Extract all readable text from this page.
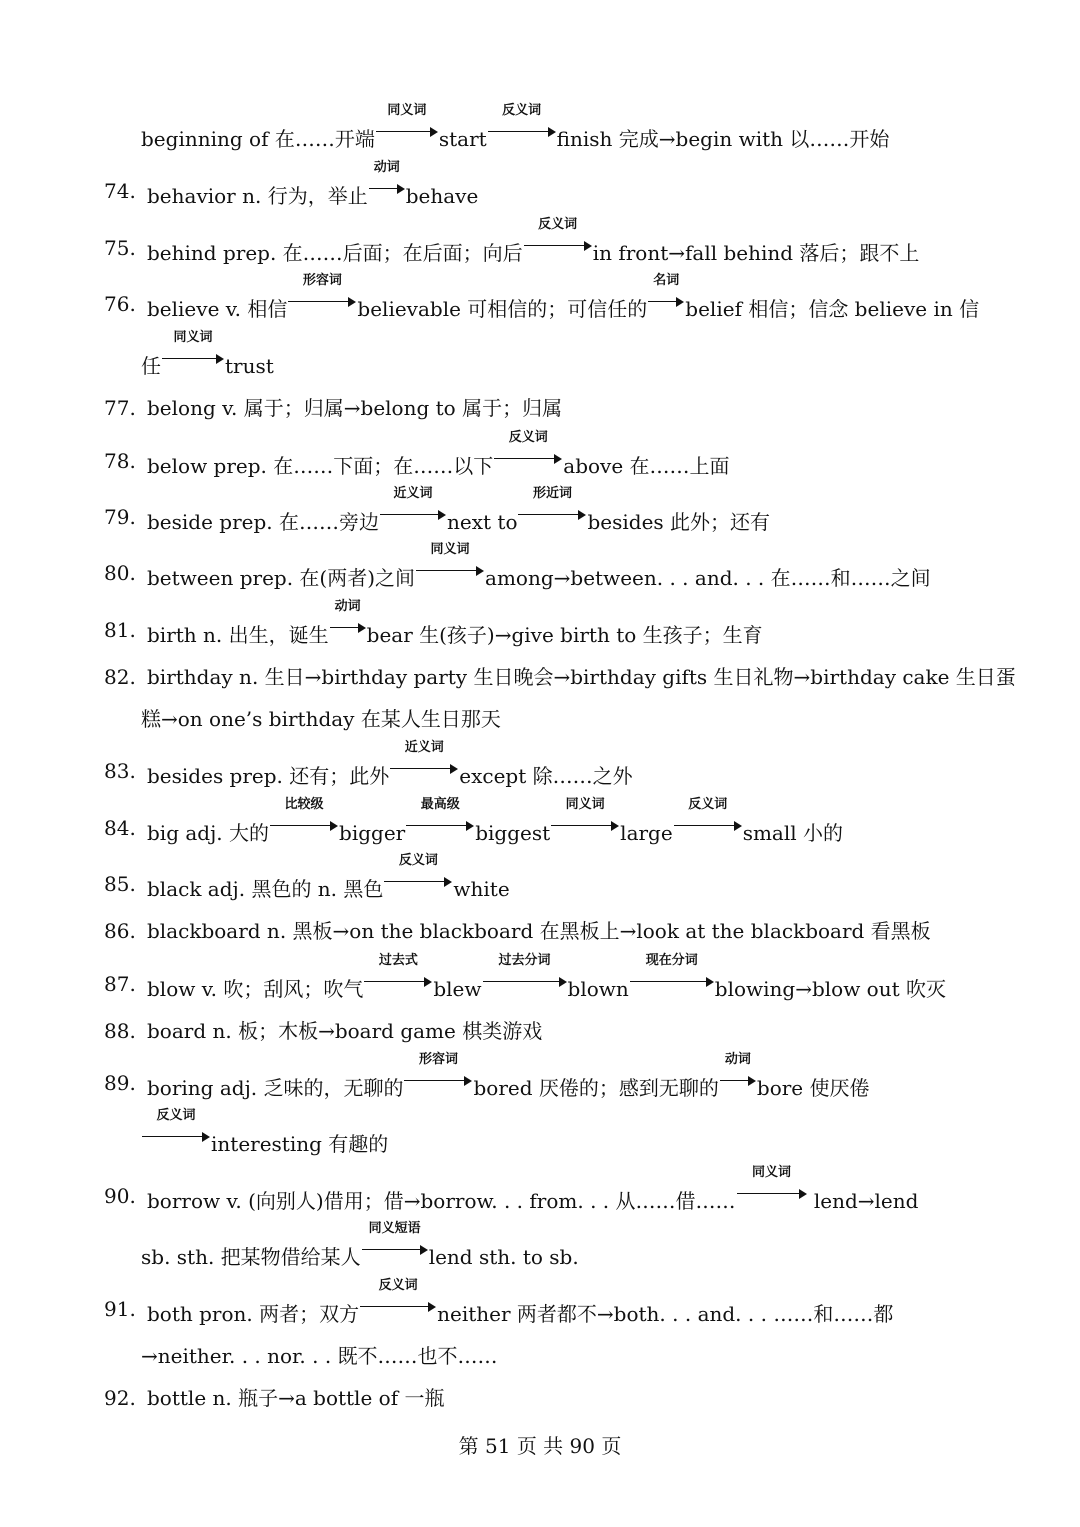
beginning of 在……开端
同义词
start
反义词
finish 完成→begin with 以……开始
74. behavior n. 行为，举止
动词
behave
75. behind prep. 在……后面；在后面；向后
反义词
in front→fall behind 落后；跟不上
76. believe v. 相信
形容词
believable 可相信的；可信任的
名词
belief 相信；信念 believe in 信
任
同义词
trust
77. belong v. 属于；归属→belong to 属于；归属
78. below prep. 在……下面；在……以下
反义词
above 在……上面
79. beside prep. 在……旁边
近义词
next to
形近词
besides 此外；还有
80. between prep. 在(两者)之间
同义词
among→between. . . and. . . 在……和……之间
81. birth n. 出生，诞生
动词
bear 生(孩子)→give birth to 生孩子；生育
82. birthday n. 生日→birthday party 生日晚会→birthday gifts 生日礼物→birthday cake 生日蛋
糕→on one’s birthday 在某人生日那天
83. besides prep. 还有；此外
近义词
except 除……之外
84. big adj. 大的
比较级
bigger
最高级
biggest
同义词
large
反义词
small 小的
85. black adj. 黑色的 n. 黑色
反义词
white
86. blackboard n. 黑板→on the blackboard 在黑板上→look at the blackboard 看黑板
87. blow v. 吹；刮风；吹气
过去式
blew
过去分词
blown
现在分词
blowing→blow out 吹灭
88. board n. 板；木板→board game 棋类游戏
89. boring adj. 乏味的，无聊的
形容词
bored 厌倦的；感到无聊的
动词
bore 使厌倦
反义词
interesting 有趣的
90. borrow v. (向别人)借用；借→borrow. . . from. . . 从……借……
同义词
lend→lend
sb. sth. 把某物借给某人
同义短语
lend sth. to sb.
91. both pron. 两者；双方
反义词
neither 两者都不→both. . . and. . . ……和……都
→neither. . . nor. . . 既不……也不……
92. bottle n. 瓶子→a bottle of 一瓶
第 51 页 共 90 页
